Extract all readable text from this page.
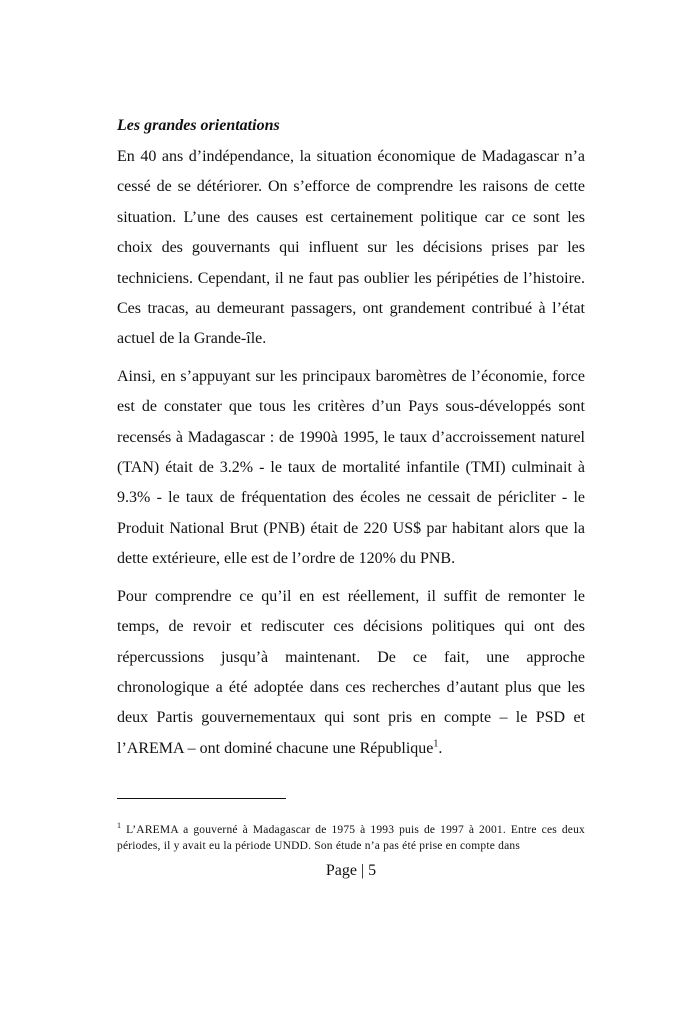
Les grandes orientations

En 40 ans d’indépendance, la situation économique de Madagascar n’a cessé de se détériorer. On s’efforce de comprendre les raisons de cette situation. L’une des causes est certainement politique car ce sont les choix des gouvernants qui influent sur les décisions prises par les techniciens. Cependant, il ne faut pas oublier les péripéties de l’histoire. Ces tracas, au demeurant passagers, ont grandement contribué à l’état actuel de la Grande-île.

Ainsi, en s’appuyant sur les principaux baromètres de l’économie, force est de constater que tous les critères d’un Pays sous-développés sont recensés à Madagascar : de 1990à 1995, le taux d’accroissement naturel (TAN) était de 3.2% - le taux de mortalité infantile (TMI) culminait à 9.3% - le taux de fréquentation des écoles ne cessait de péricliter - le Produit National Brut (PNB) était de 220 US$ par habitant alors que la dette extérieure, elle est de l’ordre de 120% du PNB.

Pour comprendre ce qu’il en est réellement, il suffit de remonter le temps, de revoir et rediscuter ces décisions politiques qui ont des répercussions jusqu’à maintenant. De ce fait, une approche chronologique a été adoptée dans ces recherches d’autant plus que les deux Partis gouvernementaux qui sont pris en compte – le PSD et l’AREMA – ont dominé chacune une République$^1$.

$^1$ L’AREMA a gouverné à Madagascar de 1975 à 1993 puis de 1997 à 2001. Entre ces deux périodes, il y avait eu la période UNDD. Son étude n’a pas été prise en compte dans
Page | 5
